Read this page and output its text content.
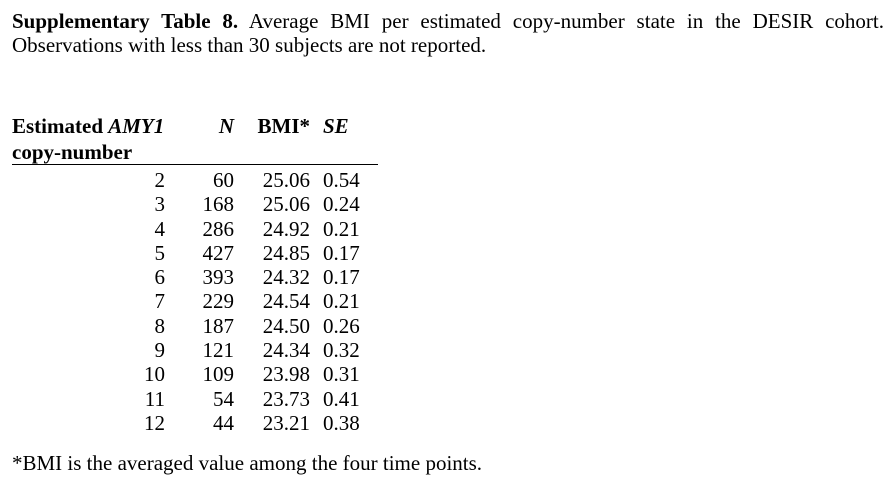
Supplementary Table 8. Average BMI per estimated copy-number state in the DESIR cohort.
Observations with less than 30 subjects are not reported.
Estimated AMY1
copy-number	N	BMI*	SE
2	60	25.06	0.54
3	168	25.06	0.24
4	286	24.92	0.21
5	427	24.85	0.17
6	393	24.32	0.17
7	229	24.54	0.21
8	187	24.50	0.26
9	121	24.34	0.32
10	109	23.98	0.31
11	54	23.73	0.41
12	44	23.21	0.38
*BMI is the averaged value among the four time points.
